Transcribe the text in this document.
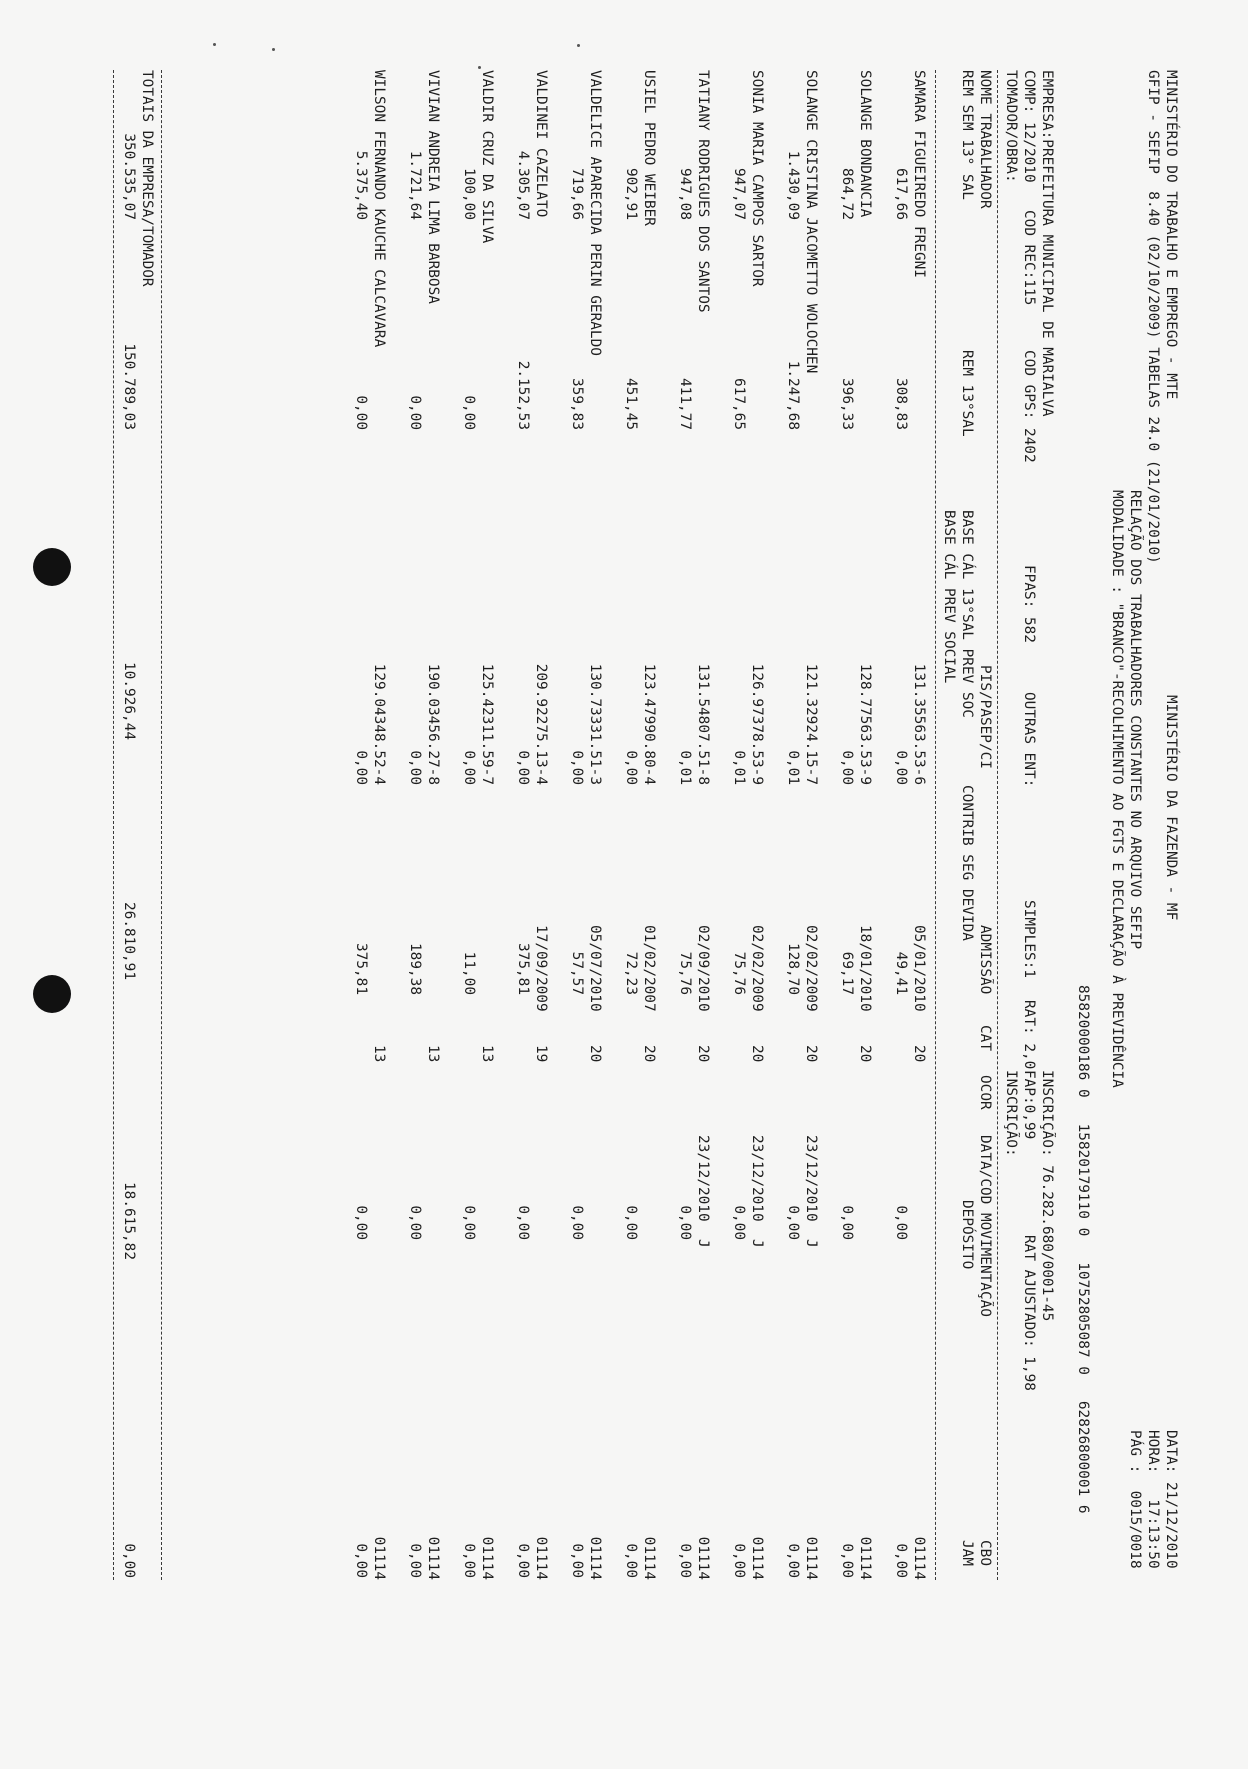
MINISTÉRIO DO TRABALHO E EMPREGO - MTE

MINISTÉRIO DA FAZENDA - MF

DATA: 21/12/2010

GFIP - SEFIP  8.40 (02/10/2009) TABELAS 24.0 (21/01/2010)

HORA:   17:13:50

RELAÇÃO DOS TRABALHADORES CONSTANTES NO ARQUIVO SEFIP

PÁG :  0015/0018

MODALIDADE : "BRANCO"-RECOLHIMENTO AO FGTS E DECLARAÇÃO À PREVIDÊNCIA

85820000186 0   15820179110 0   10752805087 0   62826800001 6

EMPRESA:PREFEITURA MUNICIPAL DE MARIALVA

INSCRIÇÃO: 76.282.680/0001-45

COMP: 12/2010

COD REC:115

COD GPS: 2402

FPAS: 582

OUTRAS ENT:

SIMPLES:1

RAT: 2,0

FAP:0,99

RAT AJUSTADO: 1,98

TOMADOR/OBRA:

INSCRIÇÃO:

NOME TRABALHADOR

PIS/PASEP/CI

ADMISSÃO

CAT

OCOR

DATA/COD MOVIMENTAÇÃO

CBO

REM SEM 13° SAL

REM 13°SAL

BASE CÁL 13°SAL PREV SOC

CONTRIB SEG DEVIDA

DEPÓSITO

JAM

BASE CÁL PREV SOCIAL

SAMARA FIGUEIREDO FREGNI
131.35563.53-6
05/01/2010
20
01114
617,66
308,83
0,00
49,41
0,00
0,00
SOLANGE BONDANCIA
128.77563.53-9
18/01/2010
20
01114
864,72
396,33
0,00
69,17
0,00
0,00
SOLANGE CRISTINA JACOMETTO WOLOCHEN
121.32924.15-7
02/02/2009
20
23/12/2010  J
01114
1.430,09
1.247,68
0,01
128,70
0,00
0,00
SONIA MARIA CAMPOS SARTOR
126.97378.53-9
02/02/2009
20
23/12/2010  J
01114
947,07
617,65
0,01
75,76
0,00
0,00
TATIANY RODRIGUES DOS SANTOS
131.54807.51-8
02/09/2010
20
23/12/2010  J
01114
947,08
411,77
0,01
75,76
0,00
0,00
USIEL PEDRO WEIBER
123.47990.80-4
01/02/2007
20
01114
902,91
451,45
0,00
72,23
0,00
0,00
VALDELICE APARECIDA PERIN GERALDO
130.73331.51-3
05/07/2010
20
01114
719,66
359,83
0,00
57,57
0,00
0,00
VALDINEI CAZELATO
209.92275.13-4
17/09/2009
19
01114
4.305,07
2.152,53
0,00
375,81
0,00
0,00
VALDIR CRUZ DA SILVA
125.42311.59-7
13
01114
100,00
0,00
0,00
11,00
0,00
0,00
VIVIAN ANDREIA LIMA BARBOSA
190.03456.27-8
13
01114
1.721,64
0,00
0,00
189,38
0,00
0,00
WILSON FERNANDO KAUCHE CALCAVARA
129.04348.52-4
13
01114
5.375,40
0,00
0,00
375,81
0,00
0,00

TOTAIS DA EMPRESA/TOMADOR

350.535,07

150.789,03

10.926,44

26.810,91

18.615,82

0,00
